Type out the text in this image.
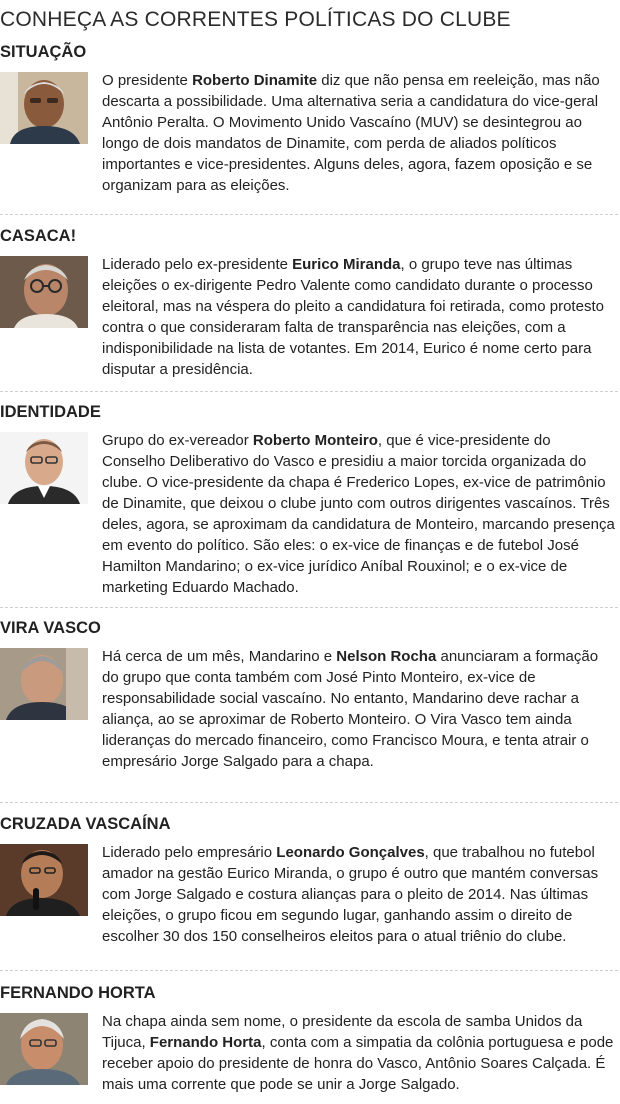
CONHEÇA AS CORRENTES POLÍTICAS DO CLUBE
SITUAÇÃO
O presidente Roberto Dinamite diz que não pensa em reeleição, mas não descarta a possibilidade. Uma alternativa seria a candidatura do vice-geral Antônio Peralta. O Movimento Unido Vascaíno (MUV) se desintegrou ao longo de dois mandatos de Dinamite, com perda de aliados políticos importantes e vice-presidentes. Alguns deles, agora, fazem oposição e se organizam para as eleições.
CASACA!
Liderado pelo ex-presidente Eurico Miranda, o grupo teve nas últimas eleições o ex-dirigente Pedro Valente como candidato durante o processo eleitoral, mas na véspera do pleito a candidatura foi retirada, como protesto contra o que consideraram falta de transparência nas eleições, com a indisponibilidade na lista de votantes. Em 2014, Eurico é nome certo para disputar a presidência.
IDENTIDADE
Grupo do ex-vereador Roberto Monteiro, que é vice-presidente do Conselho Deliberativo do Vasco e presidiu a maior torcida organizada do clube. O vice-presidente da chapa é Frederico Lopes, ex-vice de patrimônio de Dinamite, que deixou o clube junto com outros dirigentes vascaínos. Três deles, agora, se aproximam da candidatura de Monteiro, marcando presença em evento do político. São eles: o ex-vice de finanças e de futebol José Hamilton Mandarino; o ex-vice jurídico Aníbal Rouxinol; e o ex-vice de marketing Eduardo Machado.
VIRA VASCO
Há cerca de um mês, Mandarino e Nelson Rocha anunciaram a formação do grupo que conta também com José Pinto Monteiro, ex-vice de responsabilidade social vascaíno. No entanto, Mandarino deve rachar a aliança, ao se aproximar de Roberto Monteiro. O Vira Vasco tem ainda lideranças do mercado financeiro, como Francisco Moura, e tenta atrair o empresário Jorge Salgado para a chapa.
CRUZADA VASCAÍNA
Liderado pelo empresário Leonardo Gonçalves, que trabalhou no futebol amador na gestão Eurico Miranda, o grupo é outro que mantém conversas com Jorge Salgado e costura alianças para o pleito de 2014. Nas últimas eleições, o grupo ficou em segundo lugar, ganhando assim o direito de escolher 30 dos 150 conselheiros eleitos para o atual triênio do clube.
FERNANDO HORTA
Na chapa ainda sem nome, o presidente da escola de samba Unidos da Tijuca, Fernando Horta, conta com a simpatia da colônia portuguesa e pode receber apoio do presidente de honra do Vasco, Antônio Soares Calçada. É mais uma corrente que pode se unir a Jorge Salgado.
